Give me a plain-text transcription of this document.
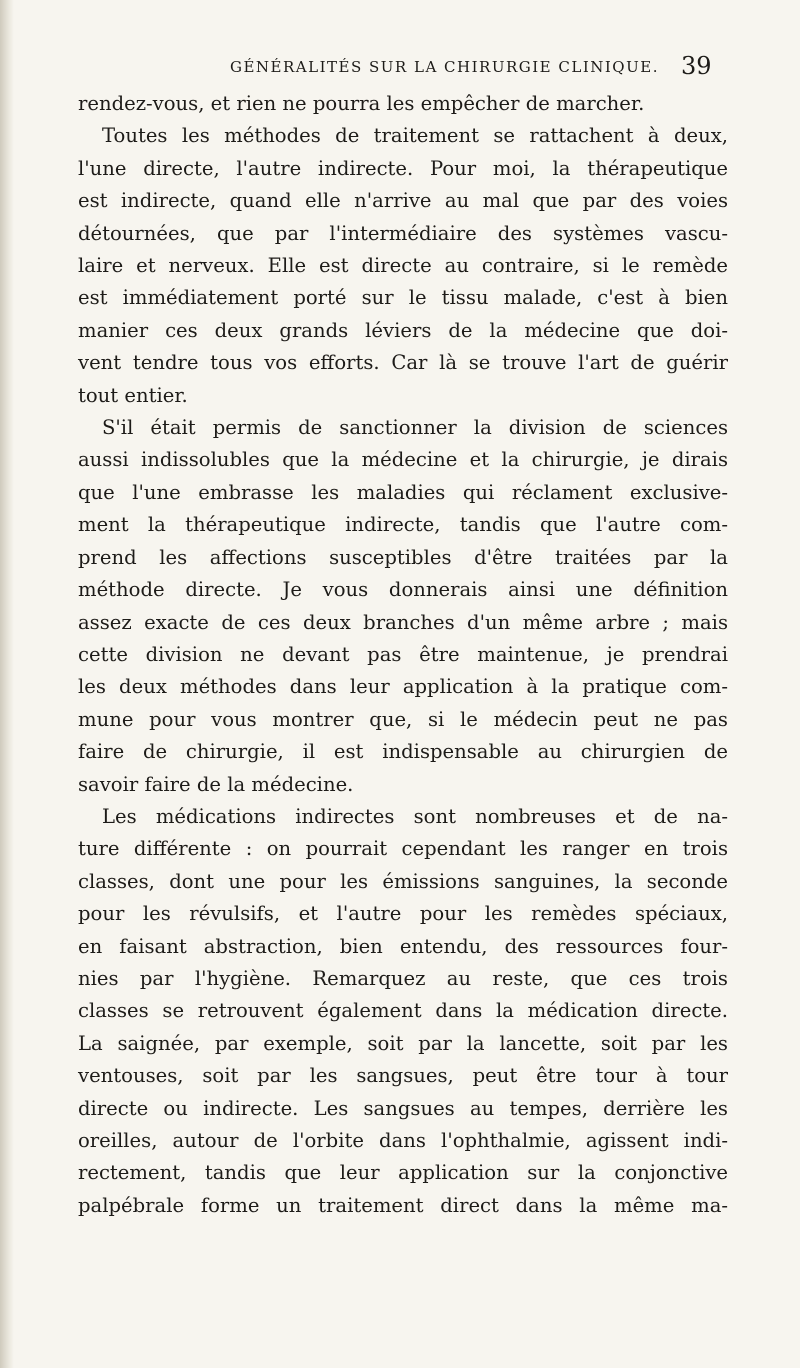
GÉNÉRALITÉS SUR LA CHIRURGIE CLINIQUE. 39

rendez-vous, et rien ne pourra les empêcher de marcher.

Toutes les méthodes de traitement se rattachent à deux,
l'une directe, l'autre indirecte. Pour moi, la thérapeutique
est indirecte, quand elle n'arrive au mal que par des voies
détournées, que par l'intermédiaire des systèmes vascu-
laire et nerveux. Elle est directe au contraire, si le remède
est immédiatement porté sur le tissu malade, c'est à bien
manier ces deux grands léviers de la médecine que doi-
vent tendre tous vos efforts. Car là se trouve l'art de guérir
tout entier.

S'il était permis de sanctionner la division de sciences
aussi indissolubles que la médecine et la chirurgie, je dirais
que l'une embrasse les maladies qui réclament exclusive-
ment la thérapeutique indirecte, tandis que l'autre com-
prend les affections susceptibles d'être traitées par la
méthode directe. Je vous donnerais ainsi une définition
assez exacte de ces deux branches d'un même arbre ; mais
cette division ne devant pas être maintenue, je prendrai
les deux méthodes dans leur application à la pratique com-
mune pour vous montrer que, si le médecin peut ne pas
faire de chirurgie, il est indispensable au chirurgien de
savoir faire de la médecine.

Les médications indirectes sont nombreuses et de na-
ture différente : on pourrait cependant les ranger en trois
classes, dont une pour les émissions sanguines, la seconde
pour les révulsifs, et l'autre pour les remèdes spéciaux,
en faisant abstraction, bien entendu, des ressources four-
nies par l'hygiène. Remarquez au reste, que ces trois
classes se retrouvent également dans la médication directe.
La saignée, par exemple, soit par la lancette, soit par les
ventouses, soit par les sangsues, peut être tour à tour
directe ou indirecte. Les sangsues au tempes, derrière les
oreilles, autour de l'orbite dans l'ophthalmie, agissent indi-
rectement, tandis que leur application sur la conjonctive
palpébrale forme un traitement direct dans la même ma-
